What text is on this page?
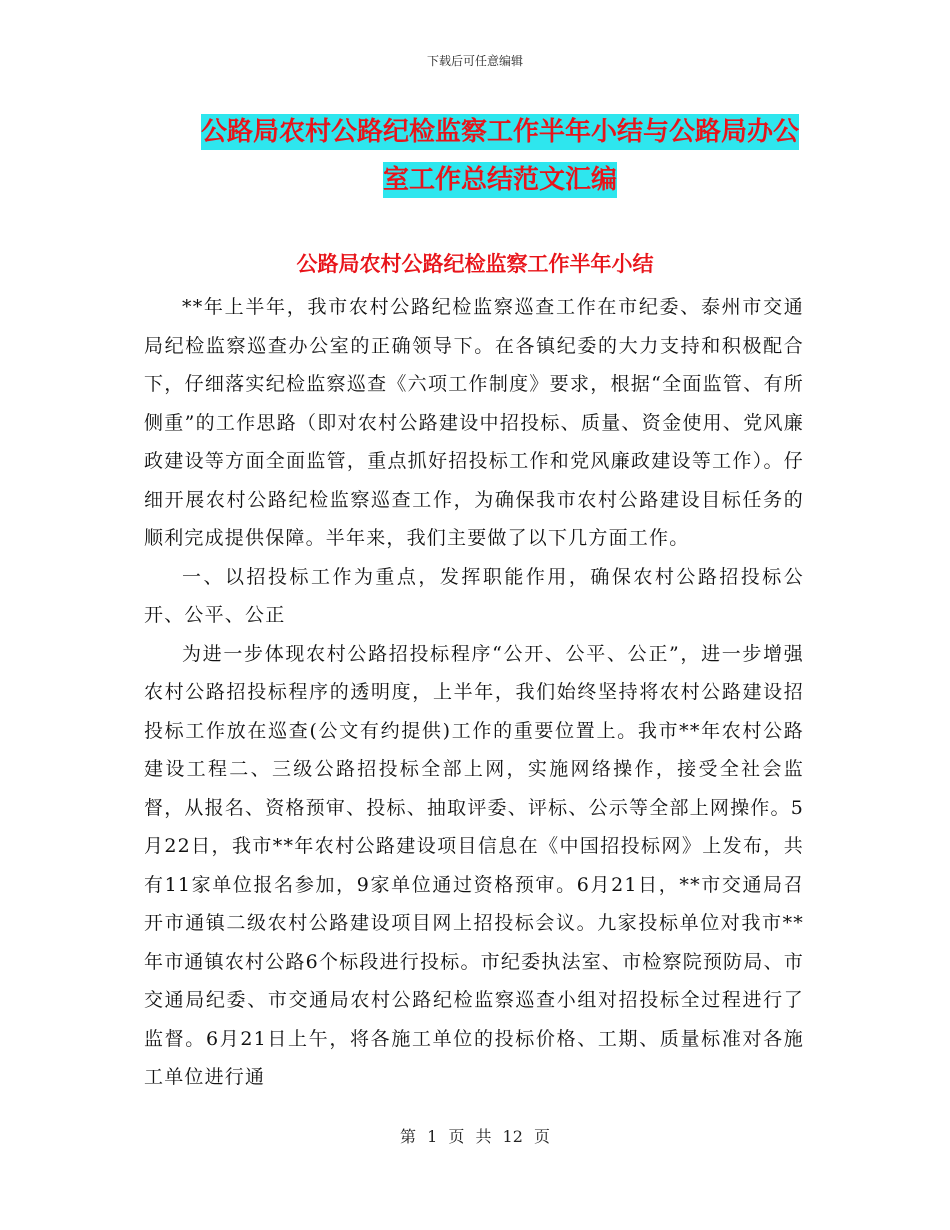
下载后可任意编辑
公路局农村公路纪检监察工作半年小结与公路局办公室工作总结范文汇编
公路局农村公路纪检监察工作半年小结

**年上半年，我市农村公路纪检监察巡查工作在市纪委、泰州市交通局纪检监察巡查办公室的正确领导下。在各镇纪委的大力支持和积极配合下，仔细落实纪检监察巡查《六项工作制度》要求，根据“全面监管、有所侧重”的工作思路（即对农村公路建设中招投标、质量、资金使用、党风廉政建设等方面全面监管，重点抓好招投标工作和党风廉政建设等工作）。仔细开展农村公路纪检监察巡查工作，为确保我市农村公路建设目标任务的顺利完成提供保障。半年来，我们主要做了以下几方面工作。

一、以招投标工作为重点，发挥职能作用，确保农村公路招投标公开、公平、公正

为进一步体现农村公路招投标程序“公开、公平、公正”，进一步增强农村公路招投标程序的透明度，上半年，我们始终坚持将农村公路建设招投标工作放在巡查(公文有约提供)工作的重要位置上。我市**年农村公路建设工程二、三级公路招投标全部上网，实施网络操作，接受全社会监督，从报名、资格预审、投标、抽取评委、评标、公示等全部上网操作。5月22日，我市**年农村公路建设项目信息在《中国招投标网》上发布，共有11家单位报名参加，9家单位通过资格预审。6月21日，**市交通局召开市通镇二级农村公路建设项目网上招投标会议。九家投标单位对我市**年市通镇农村公路6个标段进行投标。市纪委执法室、市检察院预防局、市交通局纪委、市交通局农村公路纪检监察巡查小组对招投标全过程进行了监督。6月21日上午，将各施工单位的投标价格、工期、质量标准对各施工单位进行通

第 1 页 共 12 页
